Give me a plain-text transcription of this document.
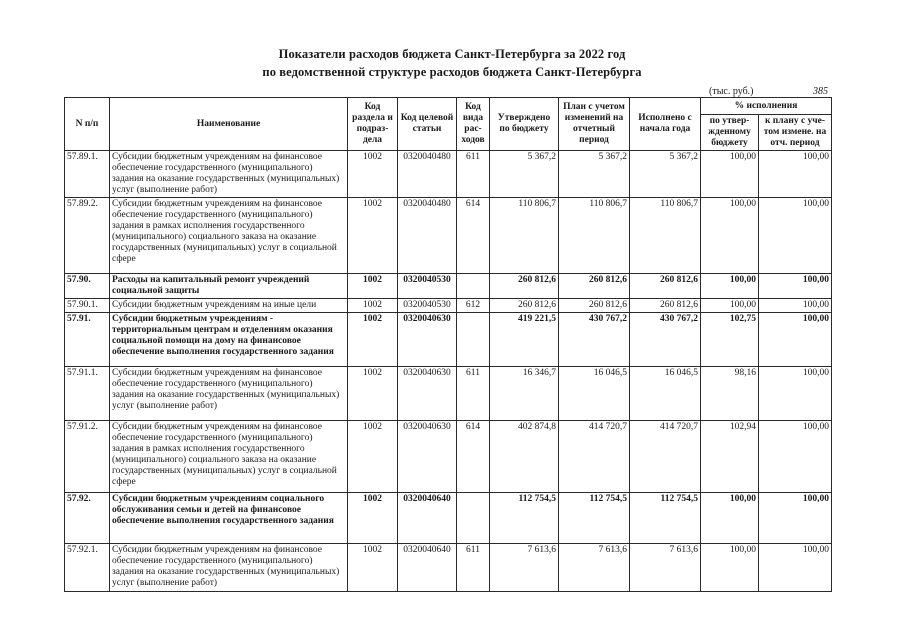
Показатели расходов бюджета Санкт-Петербурга за 2022 год
по ведомственной структуре расходов бюджета Санкт-Петербурга
(тыс. руб.)	385
N п/п	Наименование	Код раздела и подраз-дела	Код целевой статьи	Код вида рас-ходов	Утверждено по бюджету	План с учетом изменений на отчетный период	Исполнено с начала года	% исполнения	
								по утвер-жденному бюджету	к плану с уче-том измене. на отч. период
57.89.1.	Субсидии бюджетным учреждениям на финансовое обеспечение государственного (муниципального) задания на оказание государственных (муниципальных) услуг (выполнение работ)	1002	0320040480	611	5 367,2	5 367,2	5 367,2	100,00	100,00
57.89.2.	Субсидии бюджетным учреждениям на финансовое обеспечение государственного (муниципального) задания в рамках исполнения государственного (муниципального) социального заказа на оказание государственных (муниципальных) услуг в социальной сфере	1002	0320040480	614	110 806,7	110 806,7	110 806,7	100,00	100,00
57.90.	Расходы на капитальный ремонт учреждений социальной защиты	1002	0320040530		260 812,6	260 812,6	260 812,6	100,00	100,00
57.90.1.	Субсидии бюджетным учреждениям на иные цели	1002	0320040530	612	260 812,6	260 812,6	260 812,6	100,00	100,00
57.91.	Субсидии бюджетным учреждениям - территориальным центрам и отделениям оказания социальной помощи на дому на финансовое обеспечение выполнения государственного задания	1002	0320040630		419 221,5	430 767,2	430 767,2	102,75	100,00
57.91.1.	Субсидии бюджетным учреждениям на финансовое обеспечение государственного (муниципального) задания на оказание государственных (муниципальных) услуг (выполнение работ)	1002	0320040630	611	16 346,7	16 046,5	16 046,5	98,16	100,00
57.91.2.	Субсидии бюджетным учреждениям на финансовое обеспечение государственного (муниципального) задания в рамках исполнения государственного (муниципального) социального заказа на оказание государственных (муниципальных) услуг в социальной сфере	1002	0320040630	614	402 874,8	414 720,7	414 720,7	102,94	100,00
57.92.	Субсидии бюджетным учреждениям социального обслуживания семьи и детей на финансовое обеспечение выполнения государственного задания	1002	0320040640		112 754,5	112 754,5	112 754,5	100,00	100,00
57.92.1.	Субсидии бюджетным учреждениям на финансовое обеспечение государственного (муниципального) задания на оказание государственных (муниципальных) услуг (выполнение работ)	1002	0320040640	611	7 613,6	7 613,6	7 613,6	100,00	100,00
